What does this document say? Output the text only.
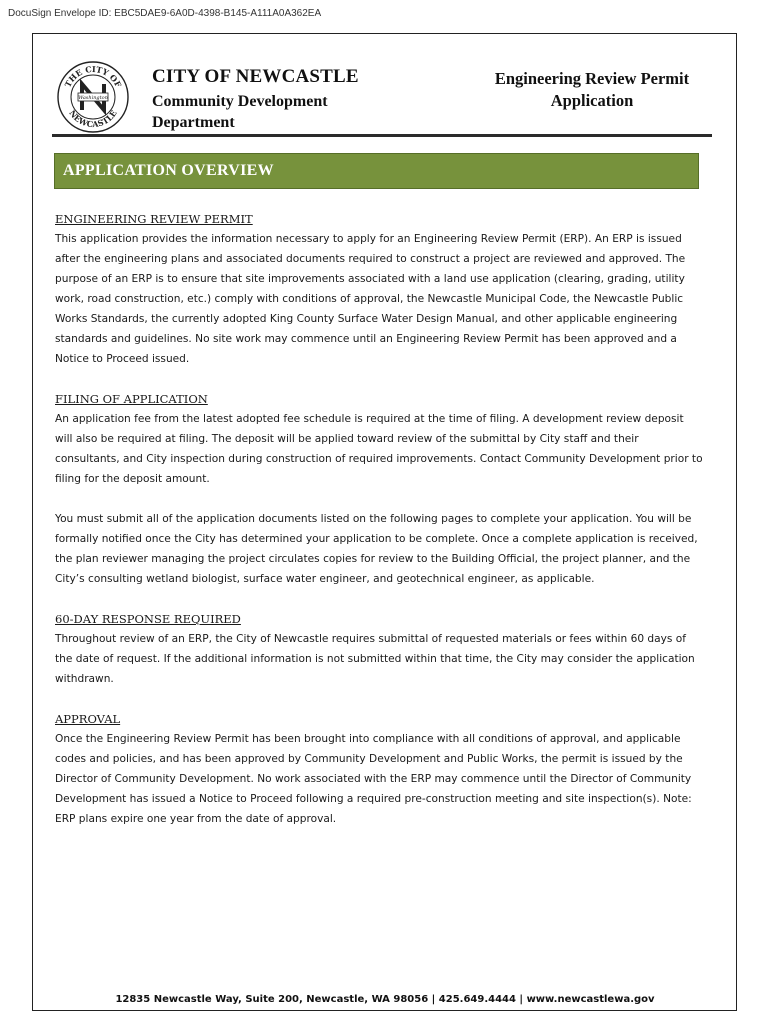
DocuSign Envelope ID: EBC5DAE9-6A0D-4398-B145-A111A0A362EA
THE CITY OF
NEWCASTLE
Washington
CITY OF NEWCASTLE
Community Development Department
Engineering Review Permit Application
APPLICATION OVERVIEW
ENGINEERING REVIEW PERMIT

This application provides the information necessary to apply for an Engineering Review Permit (ERP). An ERP is issued after the engineering plans and associated documents required to construct a project are reviewed and approved. The purpose of an ERP is to ensure that site improvements associated with a land use application (clearing, grading, utility work, road construction, etc.) comply with conditions of approval, the Newcastle Municipal Code, the Newcastle Public Works Standards, the currently adopted King County Surface Water Design Manual, and other applicable engineering standards and guidelines. No site work may commence until an Engineering Review Permit has been approved and a Notice to Proceed issued.

FILING OF APPLICATION

An application fee from the latest adopted fee schedule is required at the time of filing. A development review deposit will also be required at filing. The deposit will be applied toward review of the submittal by City staff and their consultants, and City inspection during construction of required improvements. Contact Community Development prior to filing for the deposit amount.

You must submit all of the application documents listed on the following pages to complete your application. You will be formally notified once the City has determined your application to be complete. Once a complete application is received, the plan reviewer managing the project circulates copies for review to the Building Official, the project planner, and the City’s consulting wetland biologist, surface water engineer, and geotechnical engineer, as applicable.

60-DAY RESPONSE REQUIRED

Throughout review of an ERP, the City of Newcastle requires submittal of requested materials or fees within 60 days of the date of request. If the additional information is not submitted within that time, the City may consider the application withdrawn.

APPROVAL

Once the Engineering Review Permit has been brought into compliance with all conditions of approval, and applicable codes and policies, and has been approved by Community Development and Public Works, the permit is issued by the Director of Community Development. No work associated with the ERP may commence until the Director of Community Development has issued a Notice to Proceed following a required pre-construction meeting and site inspection(s). Note: ERP plans expire one year from the date of approval.

12835 Newcastle Way, Suite 200, Newcastle, WA 98056 | 425.649.4444 | www.newcastlewa.gov
